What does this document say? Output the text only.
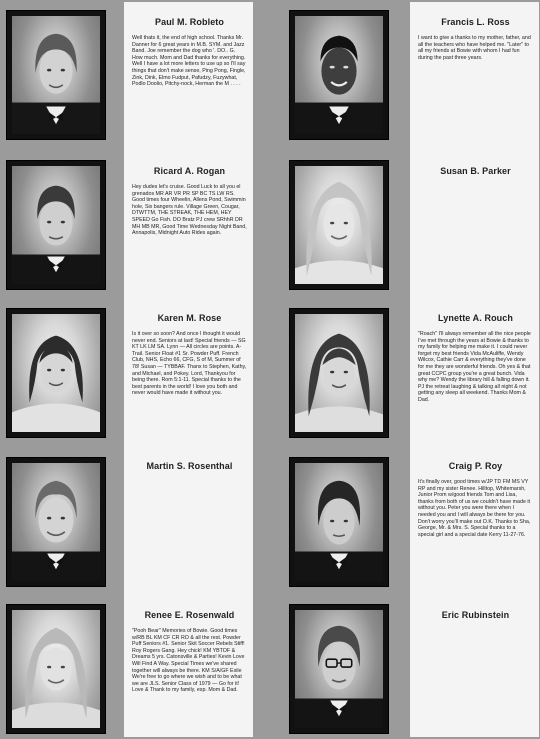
Paul M. Robleto

Well thats it, the end of high school. Thanks Mr. Danner for 6 great years in M.B. SYM. and Jazz Band. Joe remember the dog who '. DO.. G. How much. Mom and Dad thanks for everything. Well I have a lot more letters to use up so I'll say things that don't make sense, Ping Pong, Fingle, Zink, Dink, Elmo Fudput, Pafudzy, Fuzywhat, Podlo Doolio, Pitchy-nock, Herman the M . . . .

Ricard A. Rogan

Hey dudes let's cruise. Good Luck to all you el grenados MR AR VR PR SP BC TS LW RS. Good times four Wheelin, Allens Pond, Swimmin hole, Six bangers rule. Village Green, Cougar, DTWTTM, THE STREAK, THE HEM, HEY SPEED Go Fish. DO Bratz PJ crew SRhhR DR MH MB MR, Good Time Wednesday Night Band, Annapolis, Midnight Auto Rides again.

Karen M. Rose

Is it over so soon? And once I thought it would never end. Seniors at last! Special friends — SG KT LK LM SA. Lynn — All circles are points. A-Trail. Senior Float #1 Sr. Powder Puff. French Club, NHS, Echo 66, CFG, S of M, Summer of 78! Susan — TYBBAF. Thanx to Stephen, Kathy, and Michael, and Pokey. Lord, Thankyou for being there. Rom 5:1-11. Special thanks to the best parents in the world! I love you both and never would have made it without you.

Martin S. Rosenthal
Renee E. Rosenwald

"Pooh Bear" Memories of Bowie. Good times w/RB BL KM CF CR RO & all the rest. Powder Puff Seniors #1. Senior Skit Soccer Rebels Stiff! Roy Rogers Gang. Hey chick! KM YBTOF & Dreams 5 yrs. Catonsville & Parties! Kevin Love Will Find A Way. Special Times we've shared together will always be there. KM S/A/GF Exile We're free to go where we wish and to be what we are JLS. Senior Class of 1979 — Go for it! Love & Thank to my family, esp. Mom & Dad.

Francis L. Ross

I want to give a thanks to my mother, father, and all the teachers who have helped me. "Later" to all my friends at Bowie with whom I had fun during the past three years.

Susan B. Parker
Lynette A. Rouch

"Roach" I'll always remember all the nice people I've met through the years at Bowie & thanks to my family for helping me make it. I could never forget my best friends Vida McAuliffe, Wendy Wilcox, Cathie Carr & everything they've done for me they are wonderful friends. Oh yes & that great CCPC group you're a great bunch. Vida why me? Wendy the library hill & falling down it. PJ the retreat laughing & talking all night & not getting any sleep all weekend. Thanks Mom & Dad.

Craig P. Roy

It's finally over, good times w/JP TD FM MS VY RP and my sister Renee. Hilltop, Whitemarsh, Junior Prom w/good friends Tom and Lisa, thanks from both of us we couldn't have made it without you. Peter you were there when I needed you and I will always be there for you. Don't worry you'll make out O.K. Thanks to Sha, George, Mr. & Mrs. S. Special thanks to a special girl and a special date Kerry 11-27-76.

Eric Rubinstein
